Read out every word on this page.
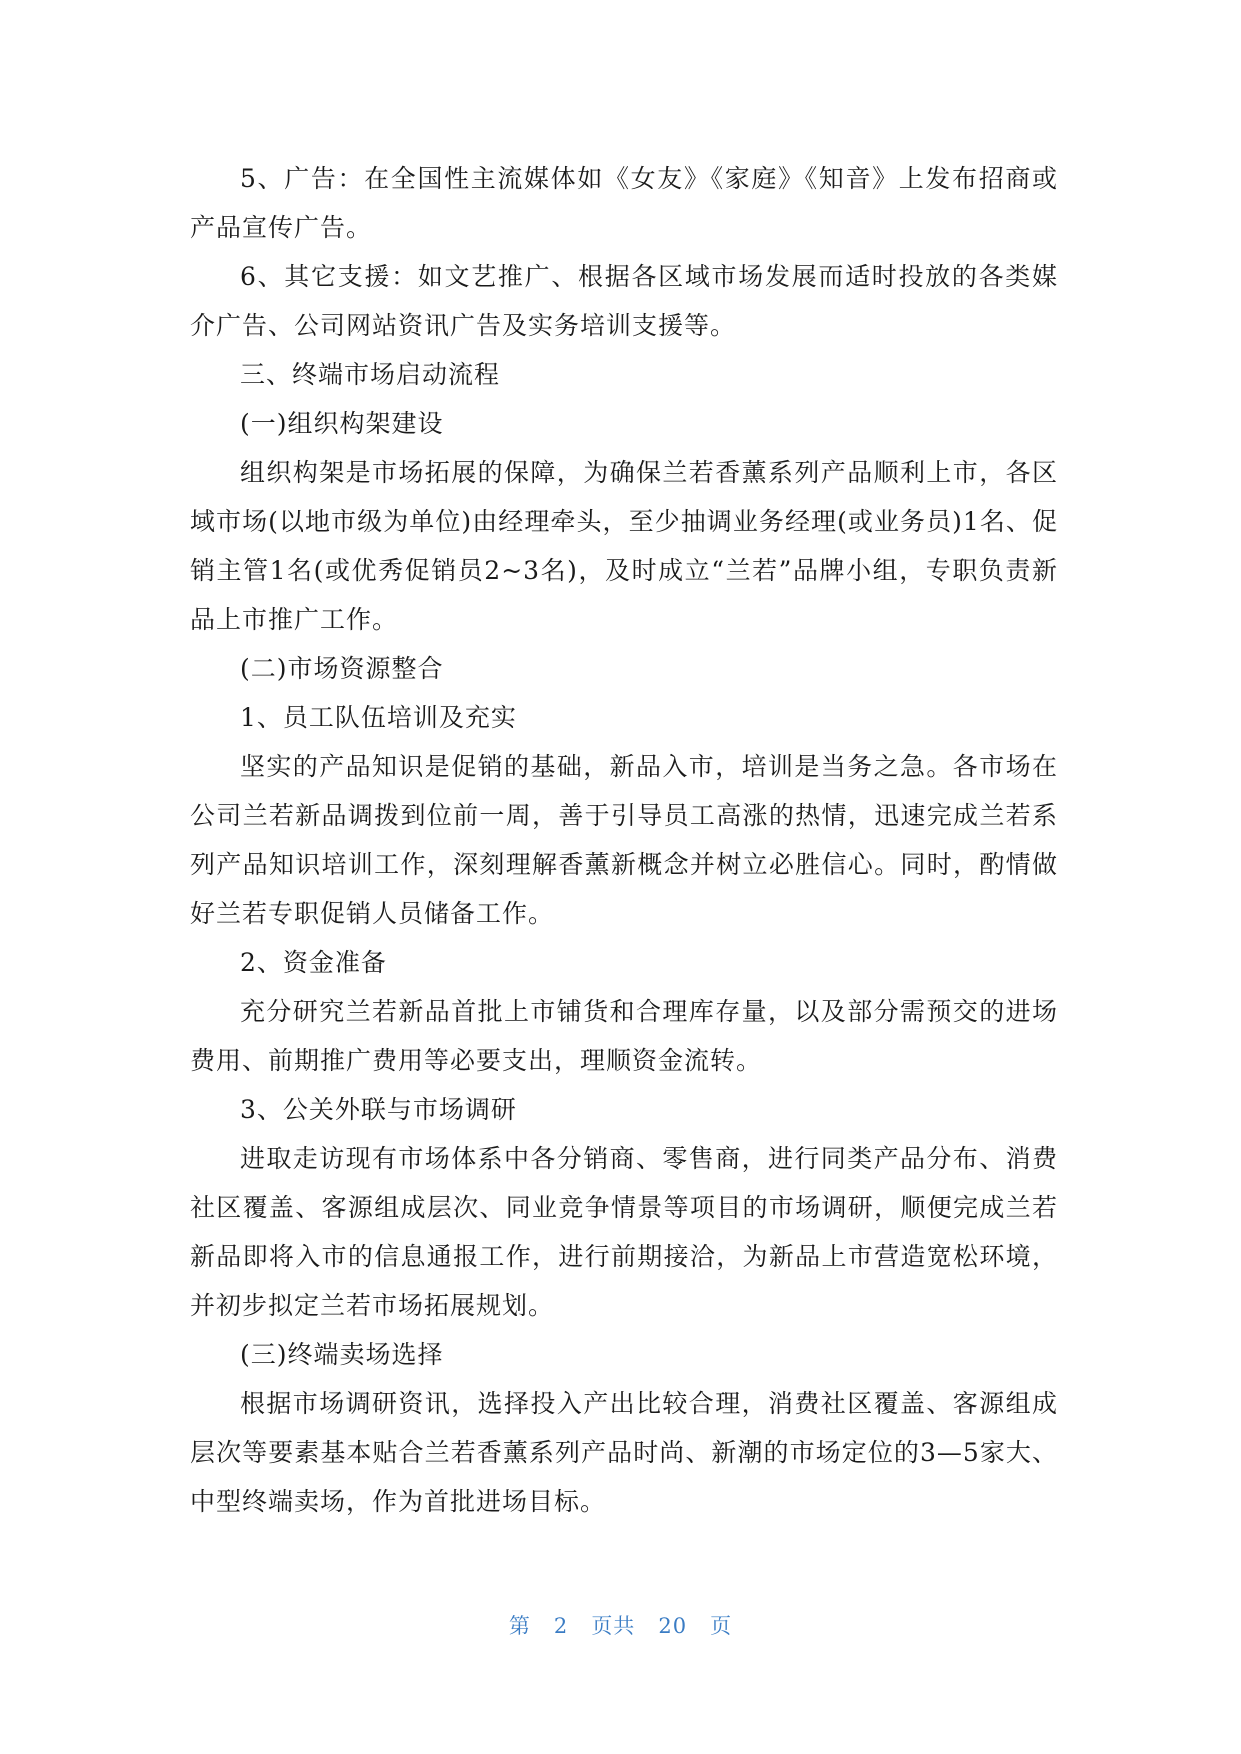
5、广告：在全国性主流媒体如《女友》《家庭》《知音》上发布招商或产品宣传广告。

6、其它支援：如文艺推广、根据各区域市场发展而适时投放的各类媒介广告、公司网站资讯广告及实务培训支援等。

三、终端市场启动流程

(一)组织构架建设

组织构架是市场拓展的保障，为确保兰若香薰系列产品顺利上市，各区域市场(以地市级为单位)由经理牵头，至少抽调业务经理(或业务员)1名、促销主管1名(或优秀促销员2~3名)，及时成立“兰若”品牌小组，专职负责新品上市推广工作。

(二)市场资源整合

1、员工队伍培训及充实

坚实的产品知识是促销的基础，新品入市，培训是当务之急。各市场在公司兰若新品调拨到位前一周，善于引导员工高涨的热情，迅速完成兰若系列产品知识培训工作，深刻理解香薰新概念并树立必胜信心。同时，酌情做好兰若专职促销人员储备工作。

2、资金准备

充分研究兰若新品首批上市铺货和合理库存量，以及部分需预交的进场费用、前期推广费用等必要支出，理顺资金流转。

3、公关外联与市场调研

进取走访现有市场体系中各分销商、零售商，进行同类产品分布、消费社区覆盖、客源组成层次、同业竞争情景等项目的市场调研，顺便完成兰若新品即将入市的信息通报工作，进行前期接洽，为新品上市营造宽松环境，并初步拟定兰若市场拓展规划。

(三)终端卖场选择

根据市场调研资讯，选择投入产出比较合理，消费社区覆盖、客源组成层次等要素基本贴合兰若香薰系列产品时尚、新潮的市场定位的3—5家大、中型终端卖场，作为首批进场目标。

第 2 页共 20 页
